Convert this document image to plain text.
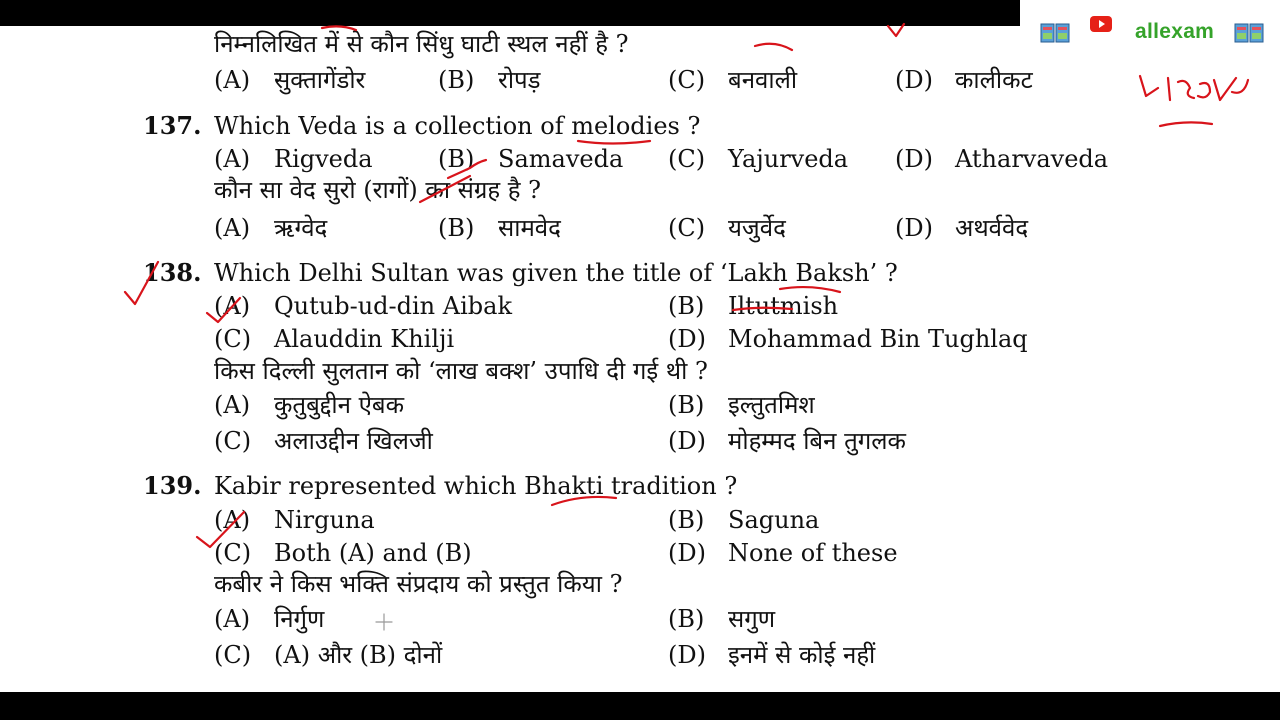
allexam
निम्नलिखित में से कौन सिंधु घाटी स्थल नहीं है ?
(A) सुक्तागेंडोर	(B) रोपड़	(C) बनवाली	(D) कालीकट
137. Which Veda is a collection of melodies ?
(A) Rigveda	(B) Samaveda (C) Yajurveda (D) Atharvaveda
कौन सा वेद सुरो (रागों) का संग्रह है ?
(A) ऋग्वेद	(B) सामवेद	(C) यजुर्वेद	(D) अथर्ववेद
138. Which Delhi Sultan was given the title of ‘Lakh Baksh’ ?
(A) Qutub-ud-din Aibak	(B) Iltutmish
(C) Alauddin Khilji	(D) Mohammad Bin Tughlaq
किस दिल्ली सुलतान को ‘लाख बक्श’ उपाधि दी गई थी ?
(A) कुतुबुद्दीन ऐबक	(B) इल्तुतमिश
(C) अलाउद्दीन खिलजी	(D) मोहम्मद बिन तुगलक
139. Kabir represented which Bhakti tradition ?
(A) Nirguna	(B) Saguna
(C) Both (A) and (B)	(D) None of these
कबीर ने किस भक्ति संप्रदाय को प्रस्तुत किया ?
(A) निर्गुण	(B) सगुण
(C) (A) और (B) दोनों	(D) इनमें से कोई नहीं
